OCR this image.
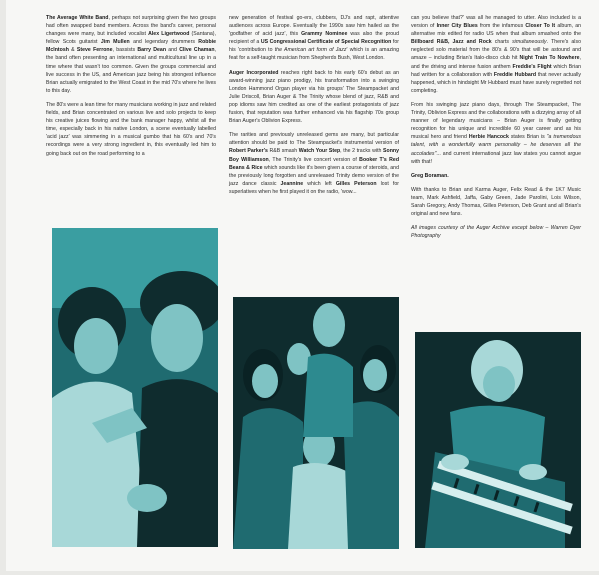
The Average White Band, perhaps not surprising given the two groups had often swapped band members. Across the band's career, personal changes were many, but included vocalist Alex Ligertwood (Santana), fellow Scots guitarist Jim Mullen and legendary drummers Robbie McIntosh & Steve Ferrone, bassists Barry Dean and Clive Chaman, the band often presenting an international and multicultural line up in a time where that wasn't too common. Given the groups commercial and live success in the US, and American jazz being his strongest influence Brian actually emigrated to the West Coast in the mid 70's where he lives to this day.

The 80's were a lean time for many musicians working in jazz and related fields, and Brian concentrated on various live and solo projects to keep his creative juices flowing and the bank manager happy, whilst all the time, especially back in his native London, a scene eventually labelled 'acid jazz' was simmering in a musical gumbo that his 60's and 70's recordings were a very strong ingredient in, this eventually led him to going back out on the road performing to a

new generation of festival go-ers, clubbers, DJ's and rapt, attentive audiences across Europe. Eventually the 1990s saw him hailed as the 'godfather of acid jazz', this Grammy Nominee was also the proud recipient of a US Congressional Certificate of Special Recognition for his 'contribution to the American art form of Jazz' which is an amazing feat for a self-taught musician from Shepherds Bush, West London.

Auger Incorporated reaches right back to his early 60's debut as an award-winning jazz piano prodigy, his transformation into a swinging London Hammond Organ player via his groups' The Steampacket and Julie Driscoll, Brian Auger & The Trinity whose blend of jazz, R&B and pop idioms saw him credited as one of the earliest protagonists of jazz fusion, that reputation was further enhanced via his flagship 70s group Brian Auger's Oblivion Express.

The rarities and previously unreleased gems are many, but particular attention should be paid to The Steampacket's instrumental version of Robert Parker's R&B smash Watch Your Step, the 2 tracks with Sonny Boy Williamson, The Trinity's live concert version of Booker T's Red Beans & Rice which sounds like it's been given a course of steroids, and the previously long forgotten and unreleased Trinity demo version of the jazz dance classic Jeannine which left Gilles Peterson lost for superlatives when he first played it on the radio, 'wow...

can you believe that?' was all he managed to utter. Also included is a version of Inner City Blues from the infamous Closer To It album, an alternative mix edited for radio US when that album smashed onto the Billboard R&B, Jazz and Rock charts simultaneously. There's also neglected solo material from the 80's & 90's that will be astound and amaze – including Brian's Italo-disco club hit Night Train To Nowhere, and the driving and intense fusion anthem Freddie's Flight which Brian had written for a collaboration with Freddie Hubbard that never actually happened, which in hindsight Mr Hubbard must have surely regretted not completing.

From his swinging jazz piano days, through The Steampacket, The Trinity, Oblivion Express and the collaborations with a dizzying array of all manner of legendary musicians – Brian Auger is finally getting recognition for his unique and incredible 60 year career and as his musical hero and friend Herbie Hancock states Brian is "a tremendous talent, with a wonderfully warm personality – he deserves all the accolades"... and current international jazz law states you cannot argue with that!

Greg Boraman.

With thanks to Brian and Karma Auger, Felix Read & the 1K7 Music team, Mark Ashfield, Jaffa, Gaby Green, Jade Parolini, Lois Wilson, Sarah Gregory, Andy Thomas, Gilles Peterson, Deb Grant and all Brian's original and new fans.

All images courtesy of the Auger Archive except below – Warren Dyer Photography
